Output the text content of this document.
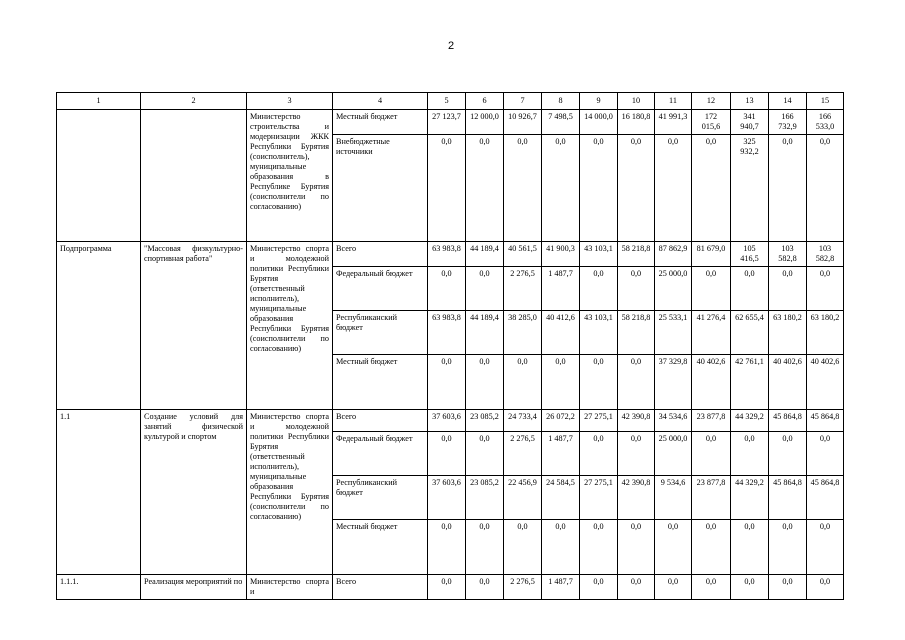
2
1	2	3	4	5	6	7	8	9	10	11	12	13	14	15
		Министерство строительства и модернизации ЖКК Республики Бурятия (соисполнитель), муниципальные образования в Республике Бурятия (соисполнители по согласованию)	Местный бюджет	27 123,7	12 000,0	10 926,7	7 498,5	14 000,0	16 180,8	41 991,3	172 015,6	341 940,7	166 732,9	166 533,0
			Внебюджетные источники	0,0	0,0	0,0	0,0	0,0	0,0	0,0	0,0	325 932,2	0,0	0,0
Подпрограмма	"Массовая физкультурно-спортивная работа"	Министерство спорта и молодежной политики Республики Бурятия (ответственный исполнитель), муниципальные образования Республики Бурятия (соисполнители по согласованию)	Всего	63 983,8	44 189,4	40 561,5	41 900,3	43 103,1	58 218,8	87 862,9	81 679,0	105 416,5	103 582,8	103 582,8
			Федеральный бюджет	0,0	0,0	2 276,5	1 487,7	0,0	0,0	25 000,0	0,0	0,0	0,0	0,0
			Республиканский бюджет	63 983,8	44 189,4	38 285,0	40 412,6	43 103,1	58 218,8	25 533,1	41 276,4	62 655,4	63 180,2	63 180,2
			Местный бюджет	0,0	0,0	0,0	0,0	0,0	0,0	37 329,8	40 402,6	42 761,1	40 402,6	40 402,6
1.1	Создание условий для занятий физической культурой и спортом	Министерство спорта и молодежной политики Республики Бурятия (ответственный исполнитель), муниципальные образования Республики Бурятия (соисполнители по согласованию)	Всего	37 603,6	23 085,2	24 733,4	26 072,2	27 275,1	42 390,8	34 534,6	23 877,8	44 329,2	45 864,8	45 864,8
			Федеральный бюджет	0,0	0,0	2 276,5	1 487,7	0,0	0,0	25 000,0	0,0	0,0	0,0	0,0
			Республиканский бюджет	37 603,6	23 085,2	22 456,9	24 584,5	27 275,1	42 390,8	9 534,6	23 877,8	44 329,2	45 864,8	45 864,8
			Местный бюджет	0,0	0,0	0,0	0,0	0,0	0,0	0,0	0,0	0,0	0,0	0,0
1.1.1.	Реализация мероприятий по	Министерство спорта и	Всего	0,0	0,0	2 276,5	1 487,7	0,0	0,0	0,0	0,0	0,0	0,0	0,0
